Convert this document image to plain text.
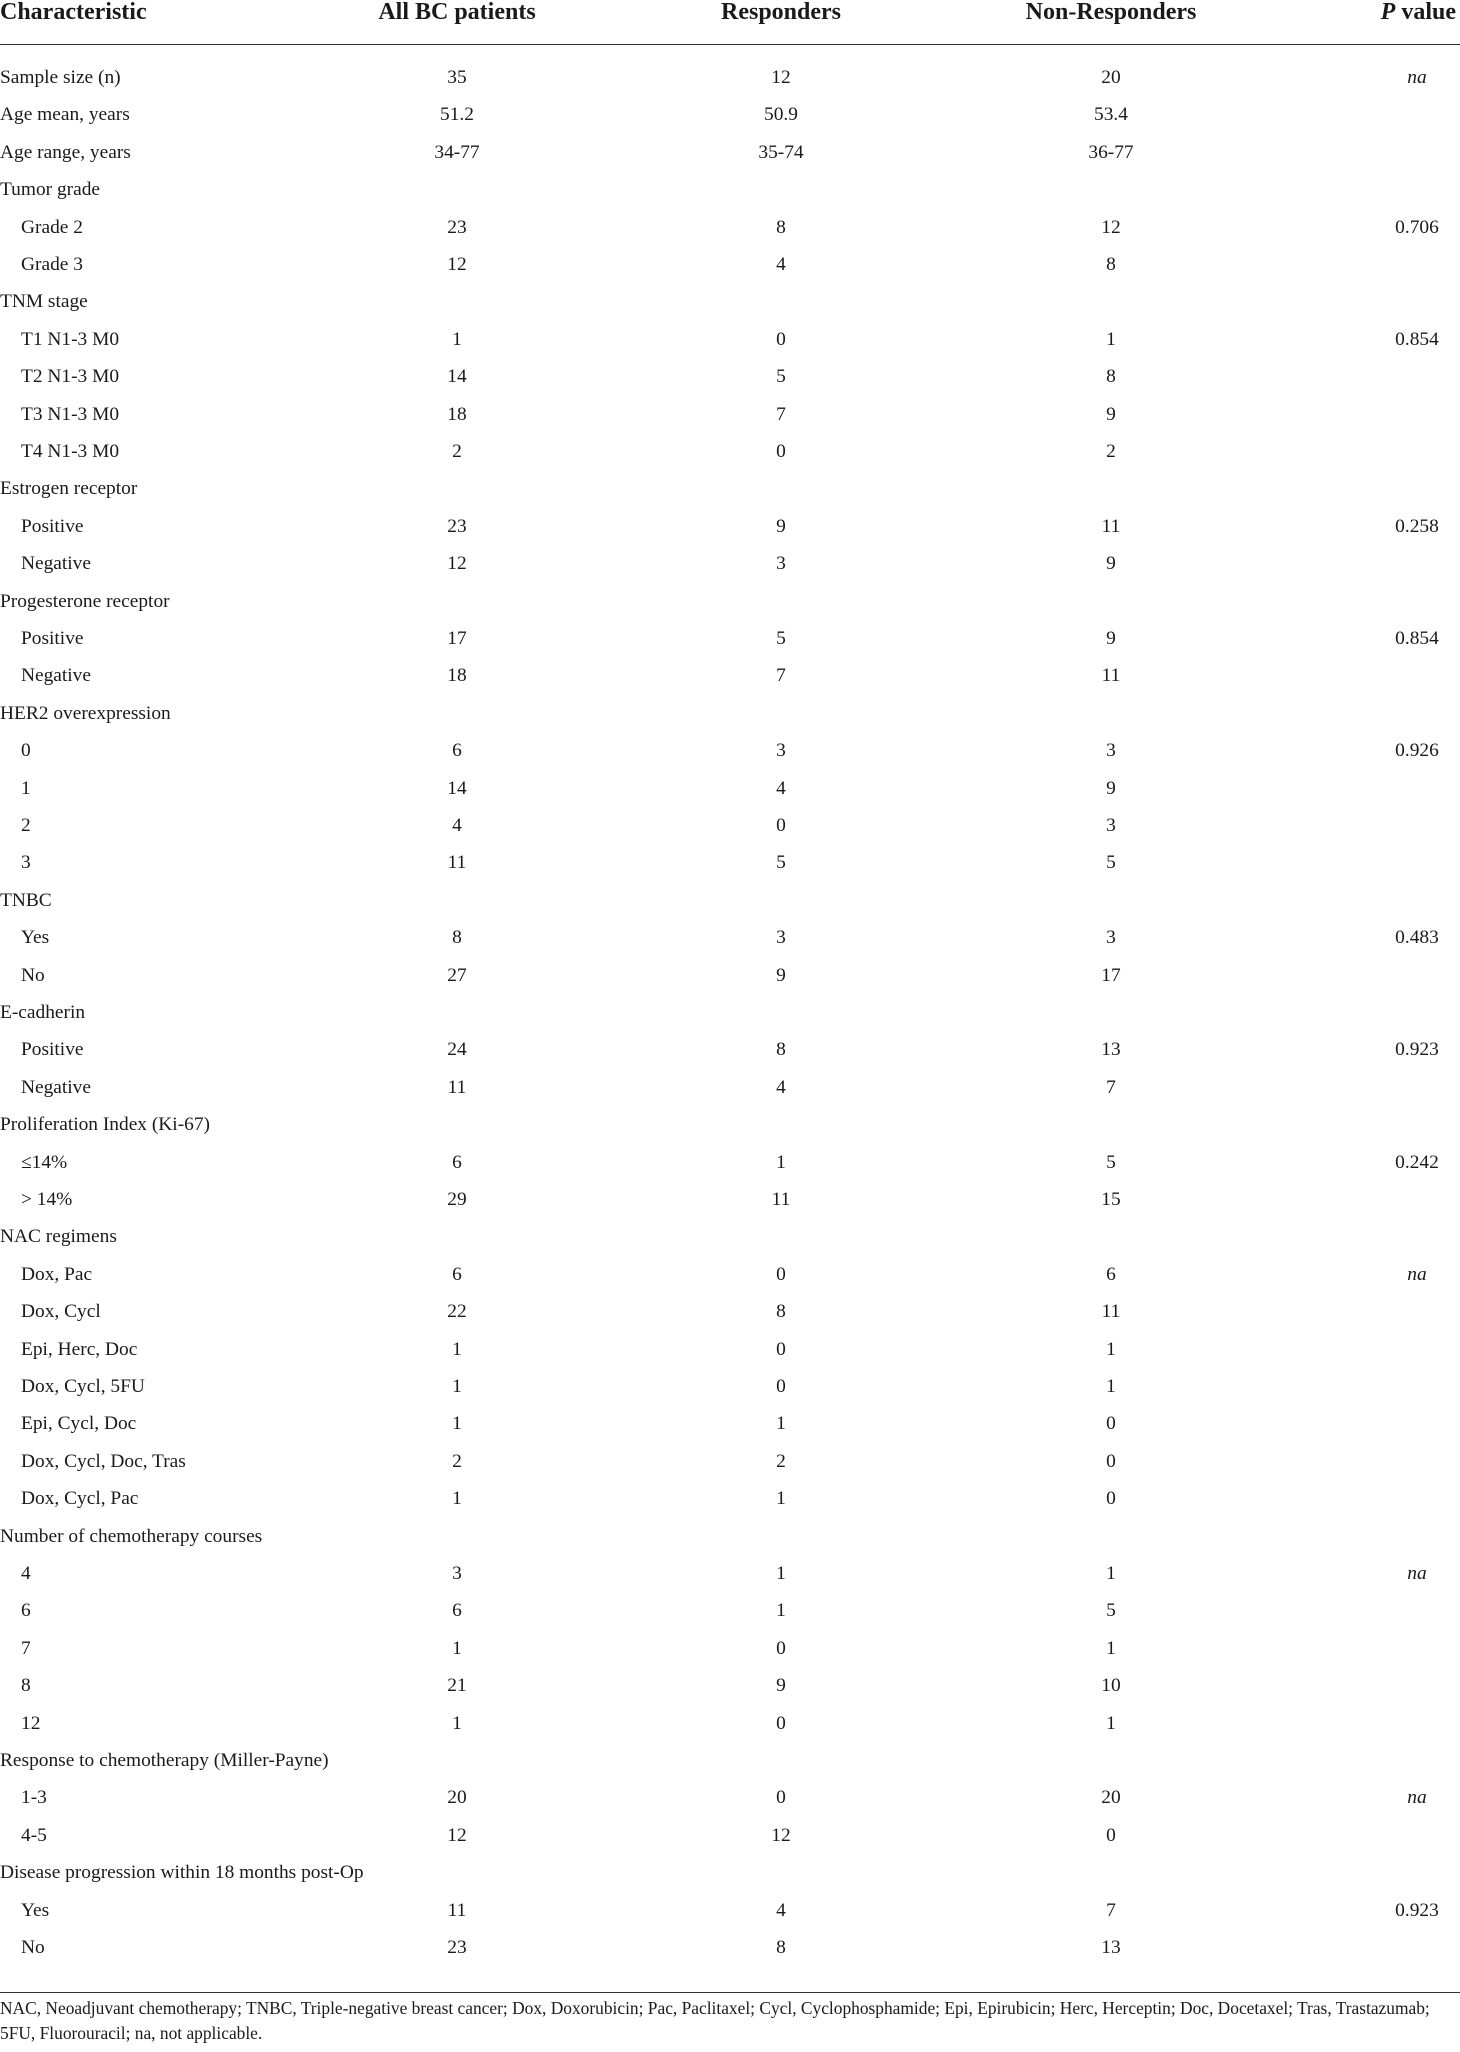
Characteristic	All BC patients	Responders	Non-Responders	P value
Sample size (n)	35	12	20	na
Age mean, years	51.2	50.9	53.4
Age range, years	34-77	35-74	36-77
Tumor grade
Grade 2	23	8	12	0.706
Grade 3	12	4	8
TNM stage
T1 N1-3 M0	1	0	1	0.854
T2 N1-3 M0	14	5	8
T3 N1-3 M0	18	7	9
T4 N1-3 M0	2	0	2
Estrogen receptor
Positive	23	9	11	0.258
Negative	12	3	9
Progesterone receptor
Positive	17	5	9	0.854
Negative	18	7	11
HER2 overexpression
0	6	3	3	0.926
1	14	4	9
2	4	0	3
3	11	5	5
TNBC
Yes	8	3	3	0.483
No	27	9	17
E-cadherin
Positive	24	8	13	0.923
Negative	11	4	7
Proliferation Index (Ki-67)
≤14%	6	1	5	0.242
> 14%	29	11	15
NAC regimens
Dox, Pac	6	0	6	na
Dox, Cycl	22	8	11
Epi, Herc, Doc	1	0	1
Dox, Cycl, 5FU	1	0	1
Epi, Cycl, Doc	1	1	0
Dox, Cycl, Doc, Tras	2	2	0
Dox, Cycl, Pac	1	1	0
Number of chemotherapy courses
4	3	1	1	na
6	6	1	5
7	1	0	1
8	21	9	10
12	1	0	1
Response to chemotherapy (Miller-Payne)
1-3	20	0	20	na
4-5	12	12	0
Disease progression within 18 months post-Op
Yes	11	4	7	0.923
No	23	8	13
NAC, Neoadjuvant chemotherapy; TNBC, Triple-negative breast cancer; Dox, Doxorubicin; Pac, Paclitaxel; Cycl, Cyclophosphamide; Epi, Epirubicin; Herc, Herceptin; Doc, Docetaxel; Tras, Trastazumab; 5FU, Fluorouracil; na, not applicable.
